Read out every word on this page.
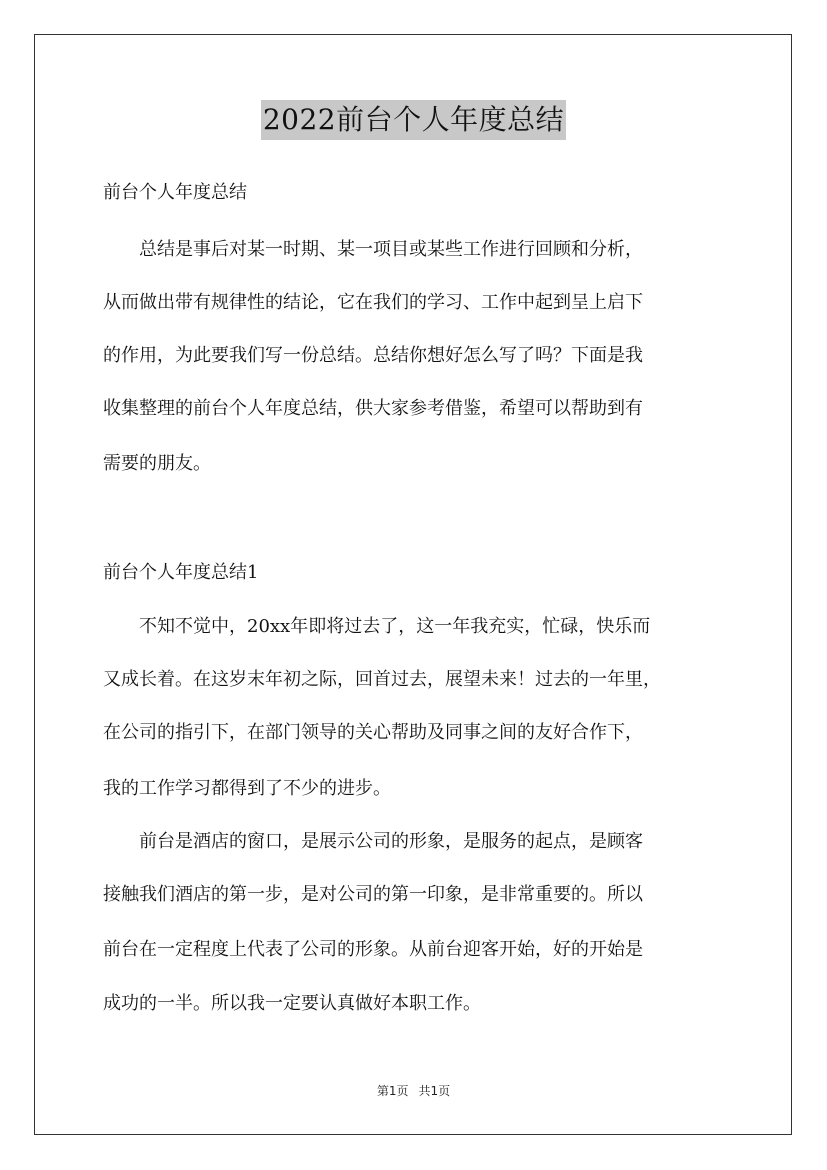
2022前台个人年度总结
前台个人年度总结
　　总结是事后对某一时期、某一项目或某些工作进行回顾和分析，
从而做出带有规律性的结论，它在我们的学习、工作中起到呈上启下
的作用，为此要我们写一份总结。总结你想好怎么写了吗？下面是我
收集整理的前台个人年度总结，供大家参考借鉴，希望可以帮助到有
需要的朋友。
前台个人年度总结1
　　不知不觉中，20xx年即将过去了，这一年我充实，忙碌，快乐而
又成长着。在这岁末年初之际，回首过去，展望未来！过去的一年里，
在公司的指引下，在部门领导的关心帮助及同事之间的友好合作下，
我的工作学习都得到了不少的进步。
　　前台是酒店的窗口，是展示公司的形象，是服务的起点，是顾客
接触我们酒店的第一步，是对公司的第一印象，是非常重要的。所以
前台在一定程度上代表了公司的形象。从前台迎客开始，好的开始是
成功的一半。所以我一定要认真做好本职工作。
第1页 共1页
